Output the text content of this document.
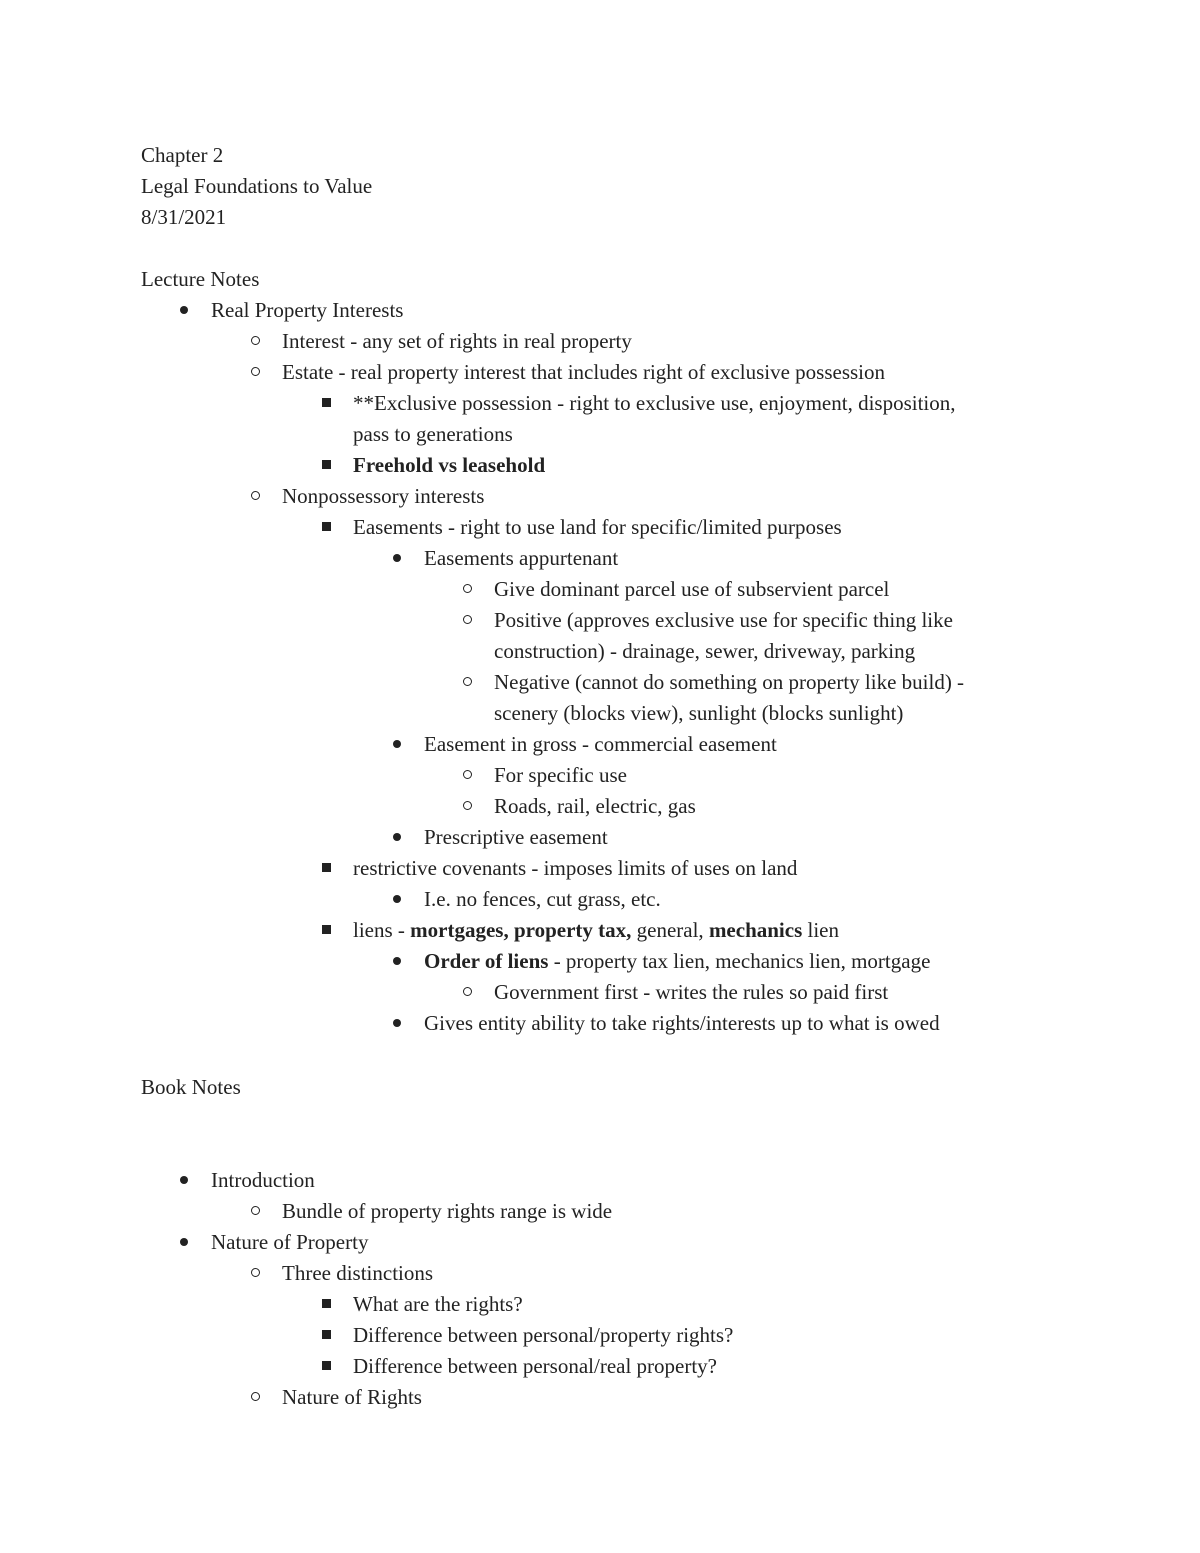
Chapter 2
Legal Foundations to Value
8/31/2021
Lecture Notes
Real Property Interests
Interest - any set of rights in real property
Estate - real property interest that includes right of exclusive possession
**Exclusive possession - right to exclusive use, enjoyment, disposition,
pass to generations
Freehold vs leasehold
Nonpossessory interests
Easements - right to use land for specific/limited purposes
Easements appurtenant
Give dominant parcel use of subservient parcel
Positive (approves exclusive use for specific thing like
construction) - drainage, sewer, driveway, parking
Negative (cannot do something on property like build) -
scenery (blocks view), sunlight (blocks sunlight)
Easement in gross - commercial easement
For specific use
Roads, rail, electric, gas
Prescriptive easement
restrictive covenants - imposes limits of uses on land
I.e. no fences, cut grass, etc.
liens - mortgages, property tax, general, mechanics lien
Order of liens - property tax lien, mechanics lien, mortgage
Government first - writes the rules so paid first
Gives entity ability to take rights/interests up to what is owed
Book Notes
Introduction
Bundle of property rights range is wide
Nature of Property
Three distinctions
What are the rights?
Difference between personal/property rights?
Difference between personal/real property?
Nature of Rights
